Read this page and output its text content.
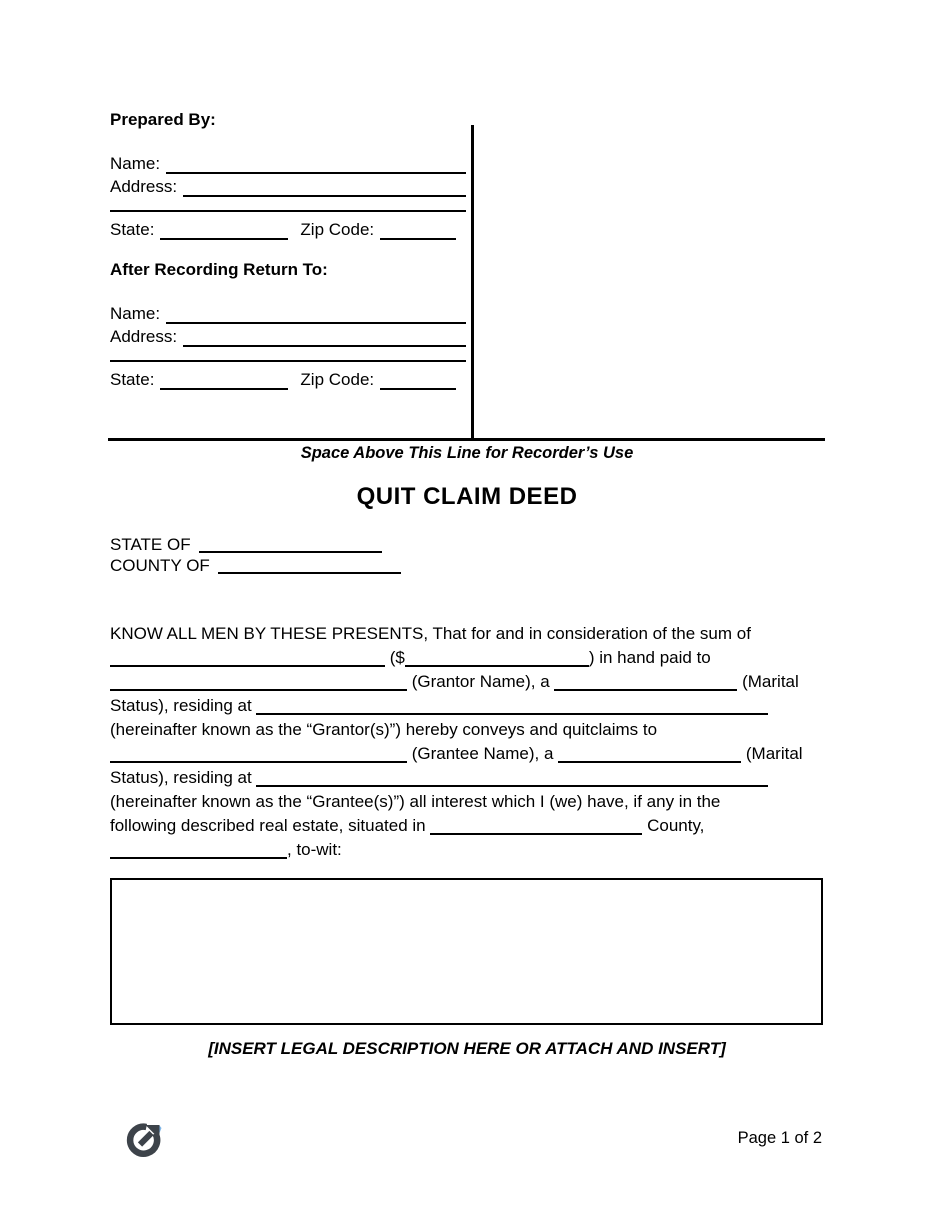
Prepared By:
Name:
Address:
State:	Zip Code:
After Recording Return To:
Name:
Address:
State:	Zip Code:
Space Above This Line for Recorder’s Use
QUIT CLAIM DEED
STATE OF
COUNTY OF
KNOW ALL MEN BY THESE PRESENTS, That for and in consideration of the sum of
($	) in hand paid to
(Grantor Name), a	(Marital
Status), residing at
(hereinafter known as the “Grantor(s)”) hereby conveys and quitclaims to
(Grantee Name), a	(Marital
Status), residing at
(hereinafter known as the “Grantee(s)”) all interest which I (we) have, if any in the
following described real estate, situated in	County,
, to-wit:
[INSERT LEGAL DESCRIPTION HERE OR ATTACH AND INSERT]
Page 1 of 2
